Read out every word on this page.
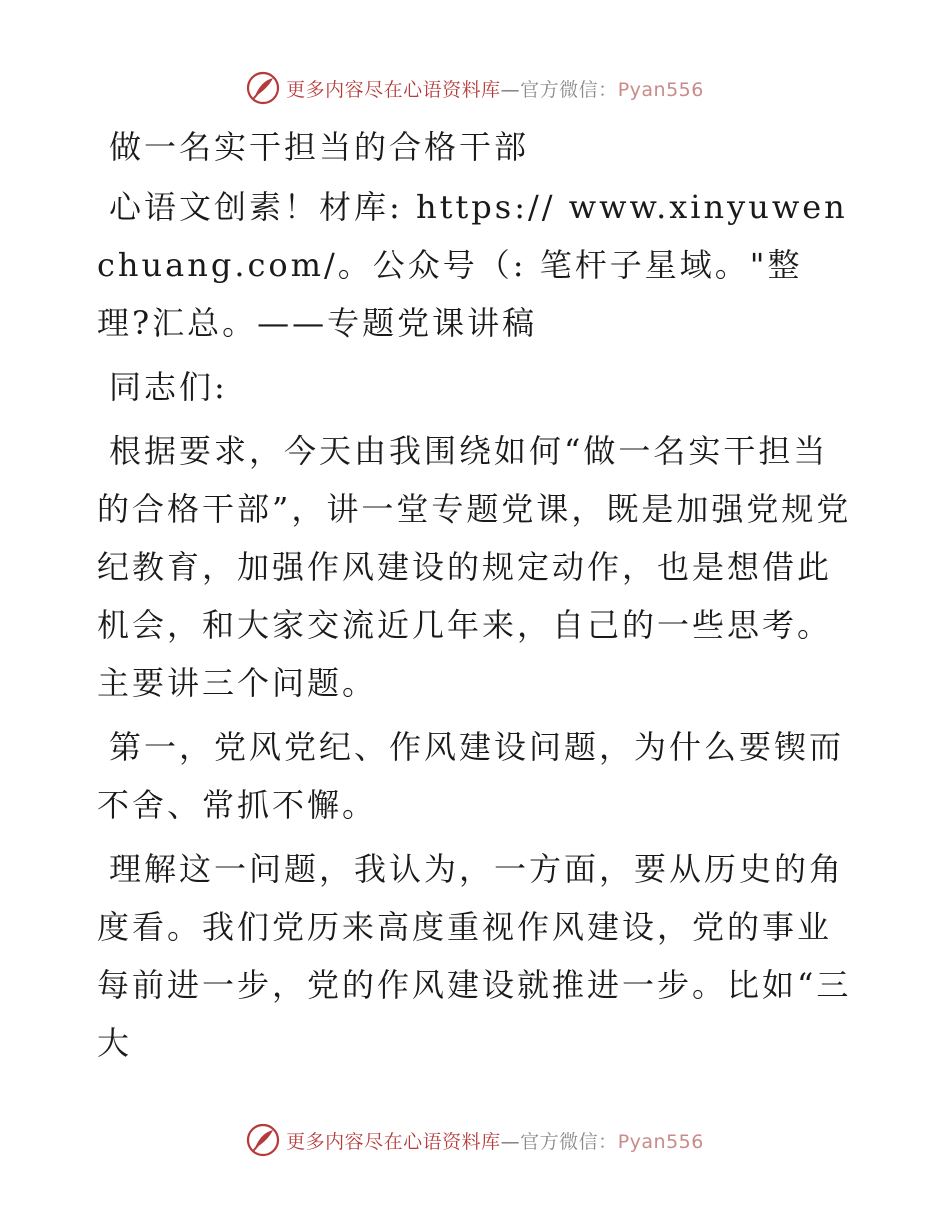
更多内容尽在心语资料库—官方微信：Pyan556

做一名实干担当的合格干部

心语文创素！材库: https:// www.xinyuwenchuang.com/。公众号（: 笔杆子星域。"整理?汇总。——专题党课讲稿

同志们:

根据要求，今天由我围绕如何“做一名实干担当的合格干部”，讲一堂专题党课，既是加强党规党纪教育，加强作风建设的规定动作，也是想借此机会，和大家交流近几年来，自己的一些思考。主要讲三个问题。

第一，党风党纪、作风建设问题，为什么要锲而不舍、常抓不懈。

理解这一问题，我认为，一方面，要从历史的角度看。我们党历来高度重视作风建设，党的事业每前进一步，党的作风建设就推进一步。比如“三大

更多内容尽在心语资料库—官方微信：Pyan556
